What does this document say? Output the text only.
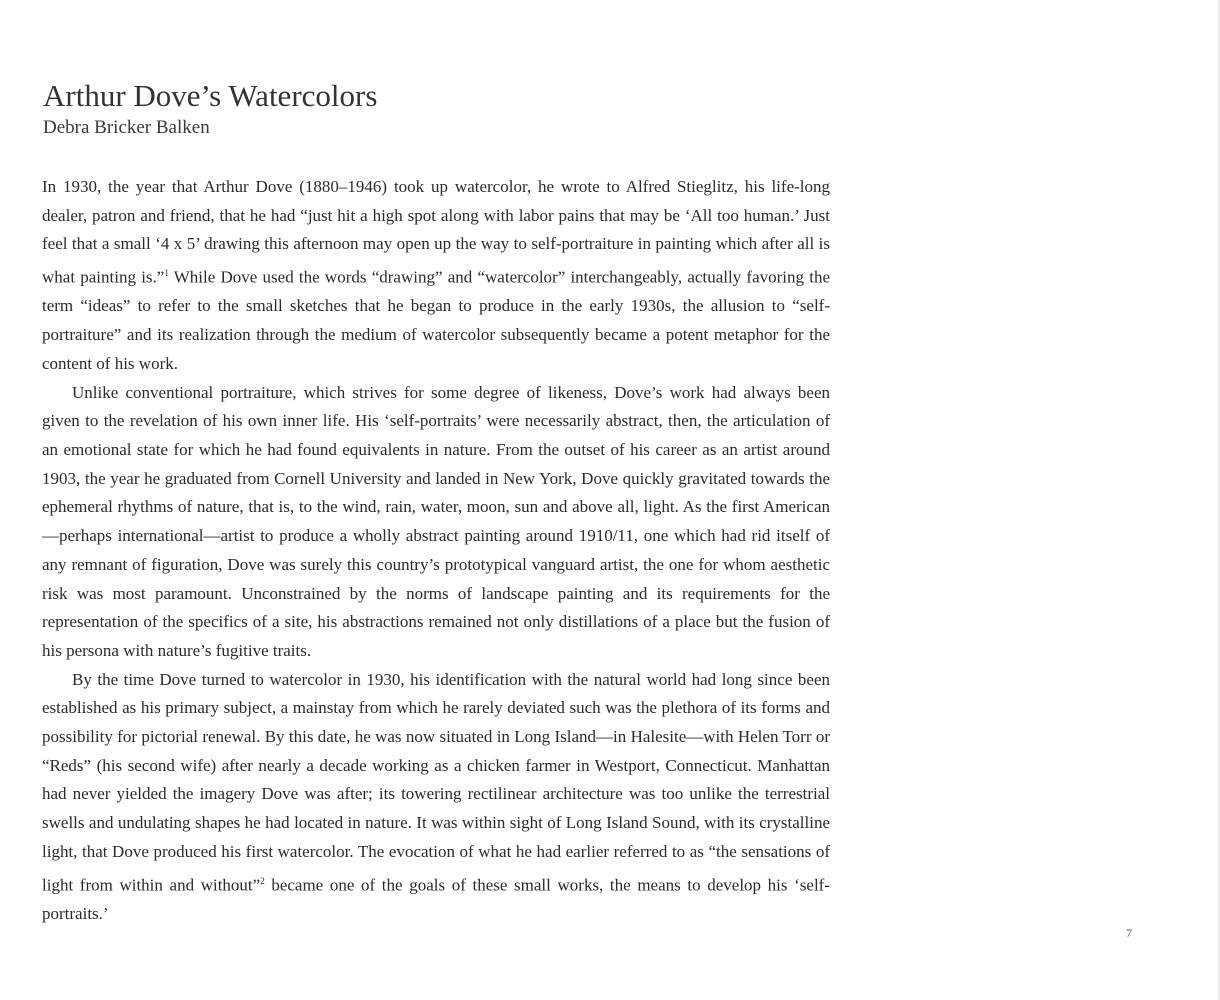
Arthur Dove’s Watercolors
Debra Bricker Balken

In 1930, the year that Arthur Dove (1880–1946) took up watercolor, he wrote to Alfred Stieglitz, his life-long dealer, patron and friend, that he had “just hit a high spot along with labor pains that may be ‘All too human.’ Just feel that a small ‘4 x 5’ drawing this afternoon may open up the way to self-portraiture in painting which after all is what painting is.”$^1$ While Dove used the words “drawing” and “watercolor” interchangeably, actually favoring the term “ideas” to refer to the small sketches that he began to produce in the early 1930s, the allusion to “self-portraiture” and its realization through the medium of watercolor subsequently became a potent metaphor for the content of his work.

Unlike conventional portraiture, which strives for some degree of likeness, Dove’s work had always been given to the revelation of his own inner life. His ‘self-portraits’ were necessarily abstract, then, the articulation of an emotional state for which he had found equivalents in nature. From the outset of his career as an artist around 1903, the year he graduated from Cornell University and landed in New York, Dove quickly gravitated towards the ephemeral rhythms of nature, that is, to the wind, rain, water, moon, sun and above all, light. As the first American—perhaps international—artist to produce a wholly abstract painting around 1910/11, one which had rid itself of any remnant of figuration, Dove was surely this country’s prototypical vanguard artist, the one for whom aesthetic risk was most paramount. Unconstrained by the norms of landscape painting and its requirements for the representation of the specifics of a site, his abstractions remained not only distillations of a place but the fusion of his persona with nature’s fugitive traits.

By the time Dove turned to watercolor in 1930, his identification with the natural world had long since been established as his primary subject, a mainstay from which he rarely deviated such was the plethora of its forms and possibility for pictorial renewal. By this date, he was now situated in Long Island—in Halesite—with Helen Torr or “Reds” (his second wife) after nearly a decade working as a chicken farmer in Westport, Connecticut. Manhattan had never yielded the imagery Dove was after; its towering rectilinear architecture was too unlike the terrestrial swells and undulating shapes he had located in nature. It was within sight of Long Island Sound, with its crystalline light, that Dove produced his first watercolor. The evocation of what he had earlier referred to as “the sensations of light from within and without”$^2$ became one of the goals of these small works, the means to develop his ‘self-portraits.’

7
